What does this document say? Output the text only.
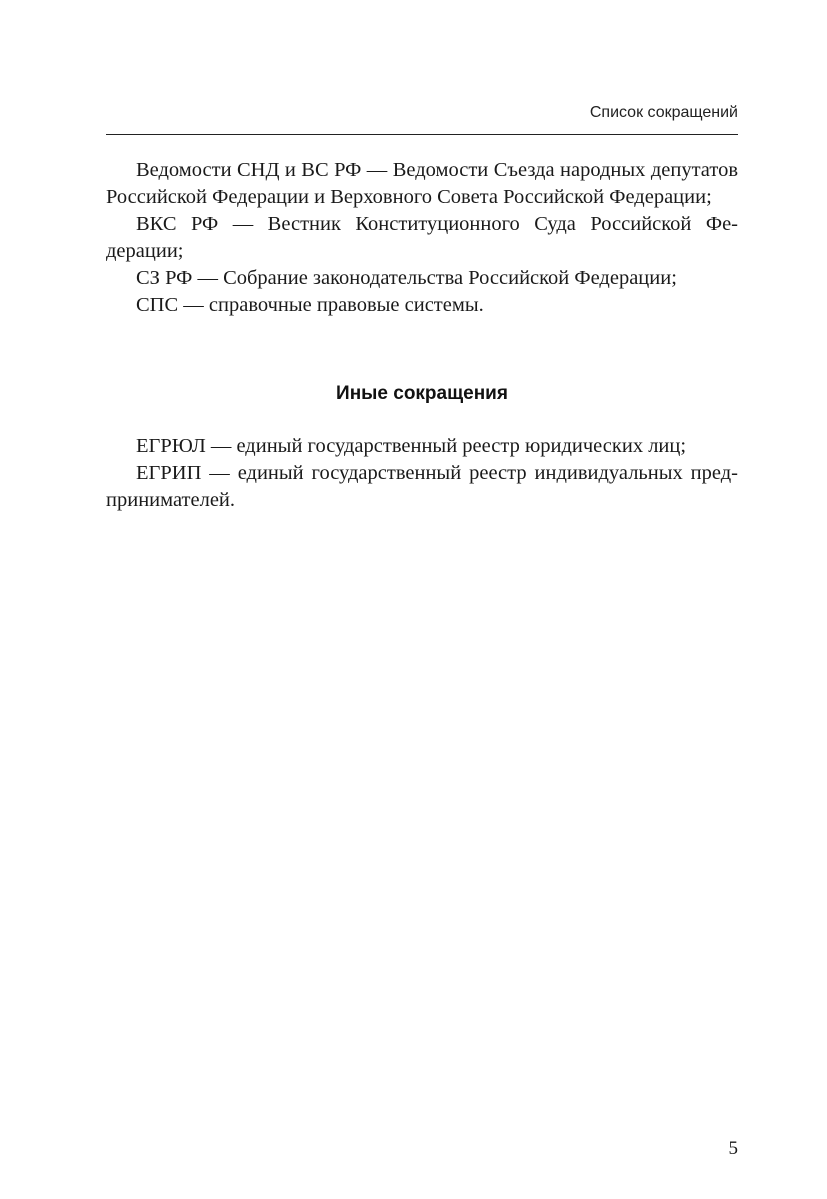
Список сокращений

Ведомости СНД и ВС РФ — Ведомости Съезда народных депутатов Российской Федерации и Верховного Совета Российской Федерации;

ВКС РФ — Вестник Конституционного Суда Российской Федерации;

СЗ РФ — Собрание законодательства Российской Федерации;

СПС — справочные правовые системы.

Иные сокращения

ЕГРЮЛ — единый государственный реестр юридических лиц;

ЕГРИП — единый государственный реестр индивидуальных предпринимателей.

5
